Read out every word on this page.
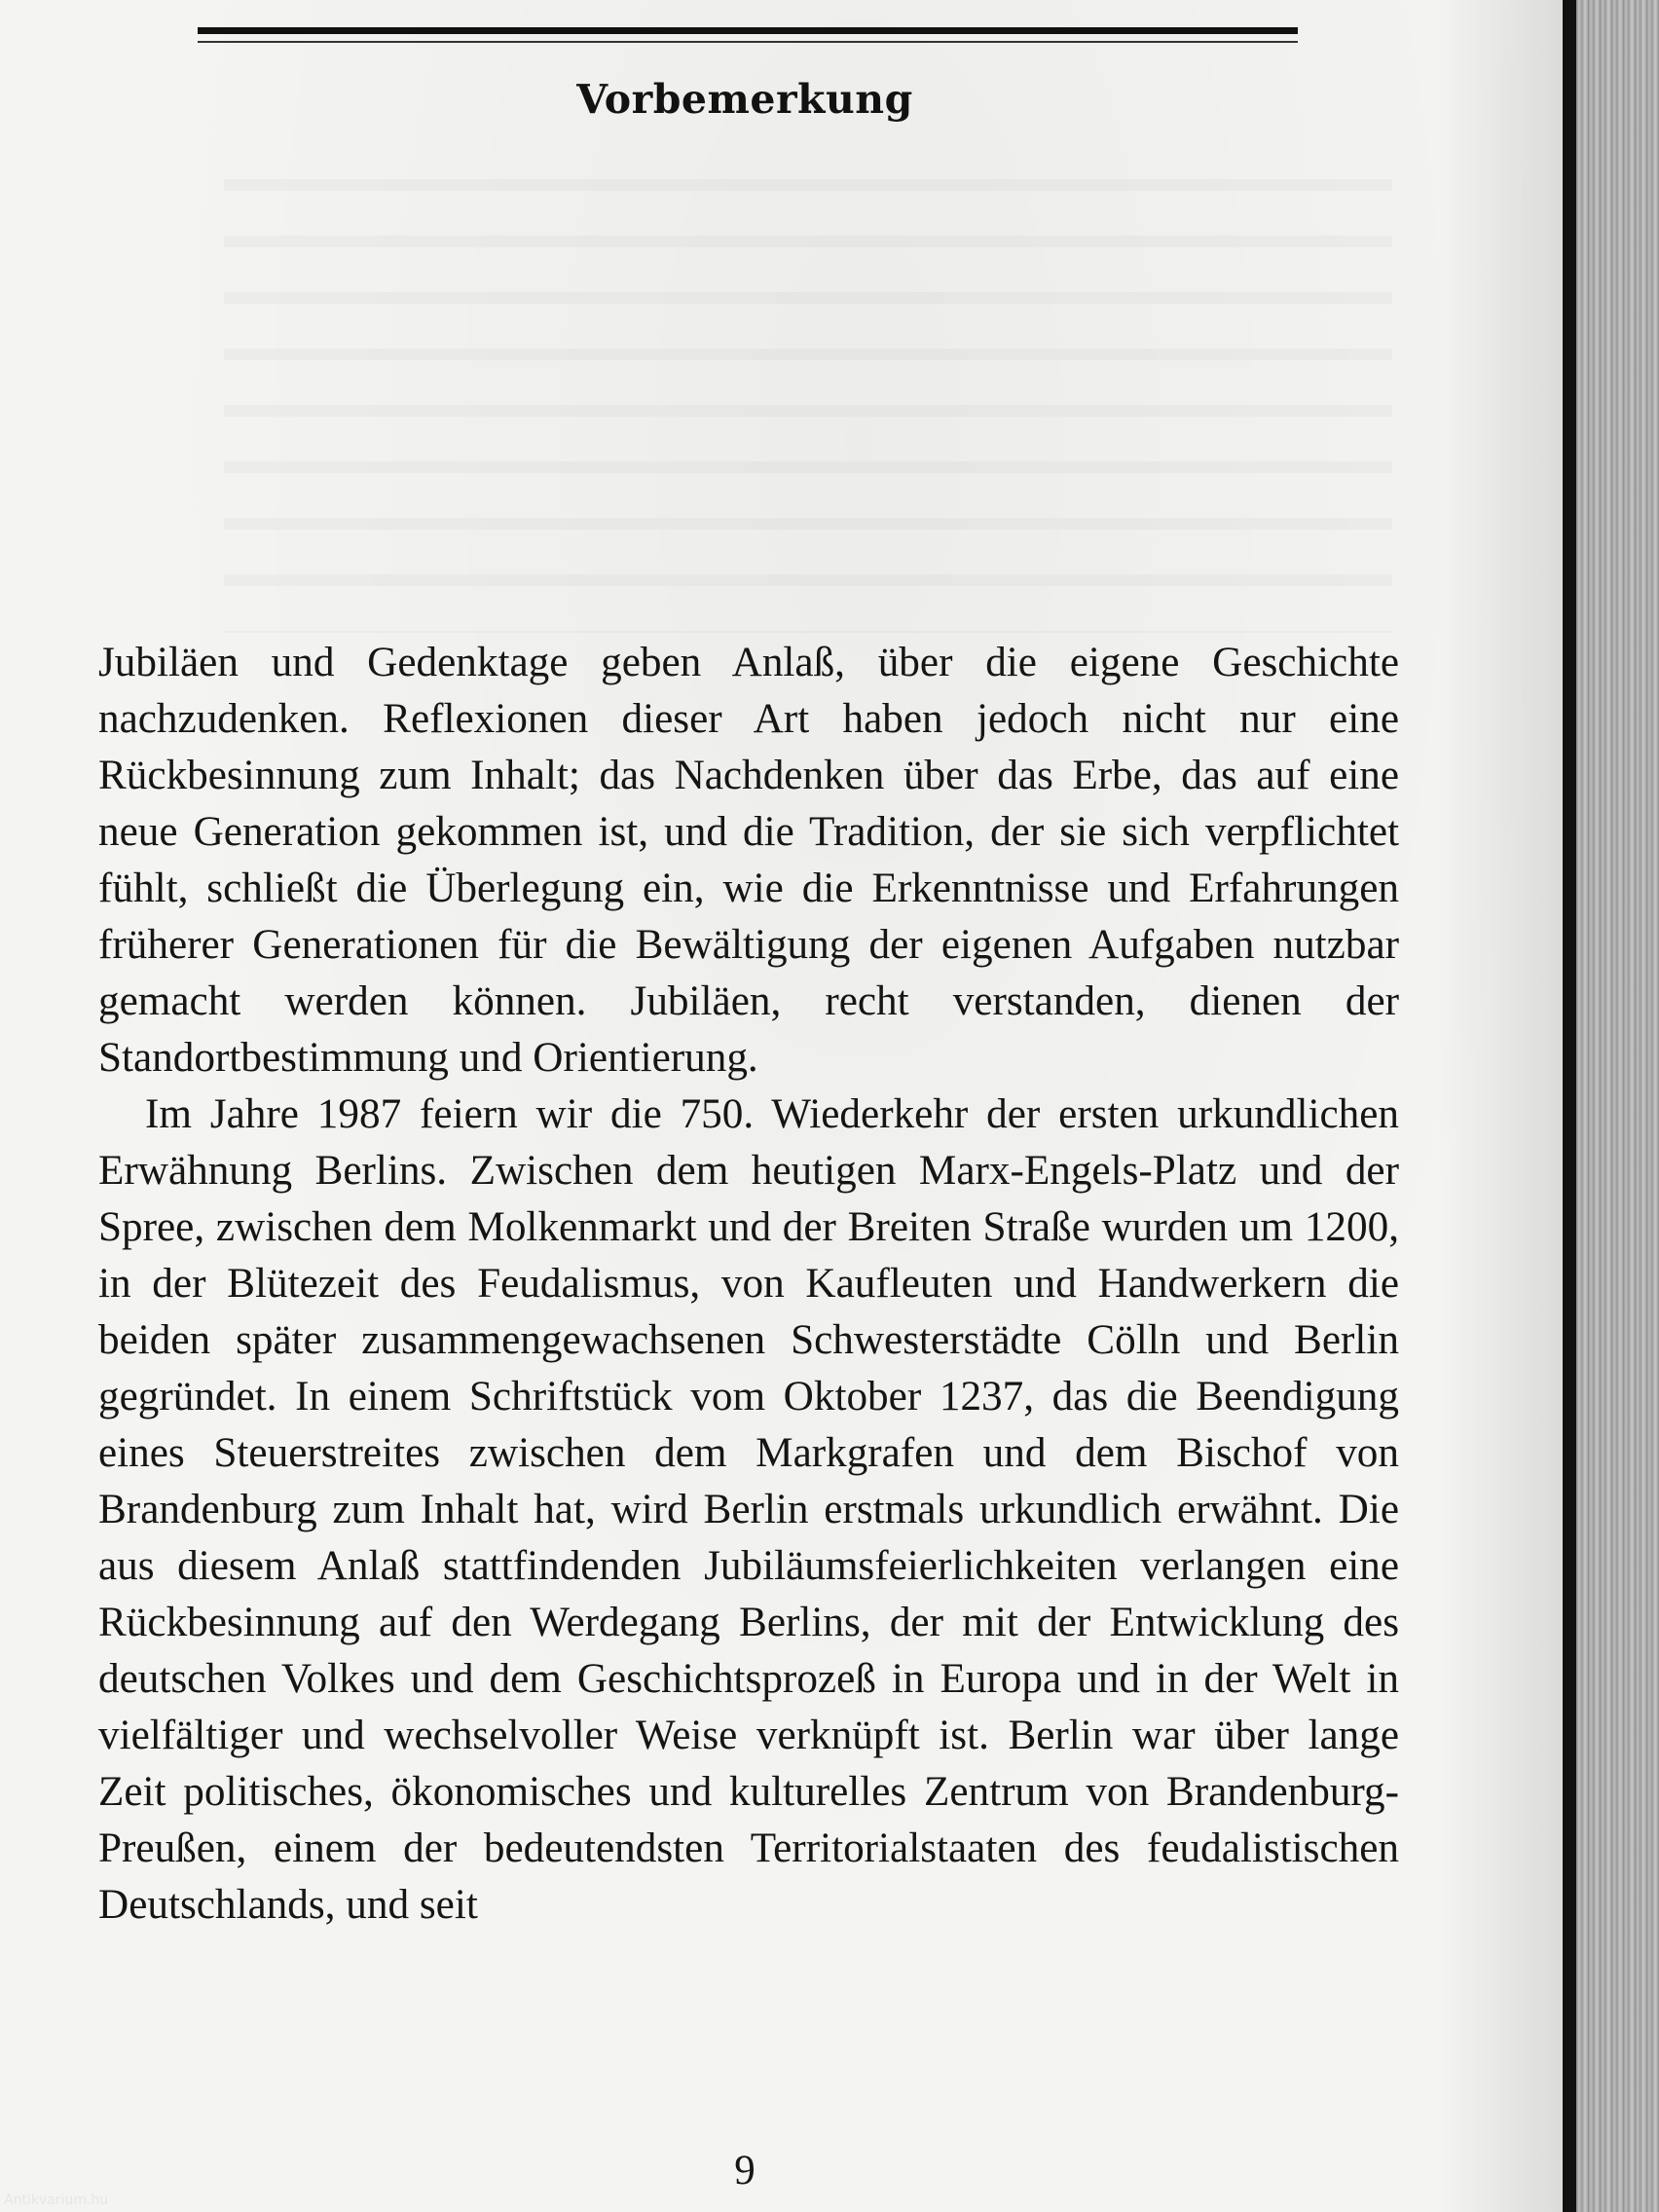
Vorbemerkung

Jubiläen und Gedenktage geben Anlaß, über die eigene Geschichte nachzudenken. Reflexionen dieser Art haben jedoch nicht nur eine Rückbesinnung zum Inhalt; das Nachdenken über das Erbe, das auf eine neue Generation gekommen ist, und die Tradition, der sie sich verpflichtet fühlt, schließt die Überlegung ein, wie die Erkenntnisse und Erfahrungen früherer Generationen für die Bewältigung der eigenen Aufgaben nutzbar gemacht werden können. Jubiläen, recht verstanden, dienen der Standortbestimmung und Orientierung.

Im Jahre 1987 feiern wir die 750. Wiederkehr der ersten urkundlichen Erwähnung Berlins. Zwischen dem heutigen Marx-Engels-Platz und der Spree, zwischen dem Molkenmarkt und der Breiten Straße wurden um 1200, in der Blütezeit des Feudalismus, von Kaufleuten und Handwerkern die beiden später zusammengewachsenen Schwesterstädte Cölln und Berlin gegründet. In einem Schriftstück vom Oktober 1237, das die Beendigung eines Steuerstreites zwischen dem Markgrafen und dem Bischof von Brandenburg zum Inhalt hat, wird Berlin erstmals urkundlich erwähnt. Die aus diesem Anlaß stattfindenden Jubiläumsfeierlichkeiten verlangen eine Rückbesinnung auf den Werdegang Berlins, der mit der Entwicklung des deutschen Volkes und dem Geschichtsprozeß in Europa und in der Welt in vielfältiger und wechselvoller Weise verknüpft ist. Berlin war über lange Zeit politisches, ökonomisches und kulturelles Zentrum von Brandenburg-Preußen, einem der bedeutendsten Territorialstaaten des feudalistischen Deutschlands, und seit

9
Antikvarium.hu
